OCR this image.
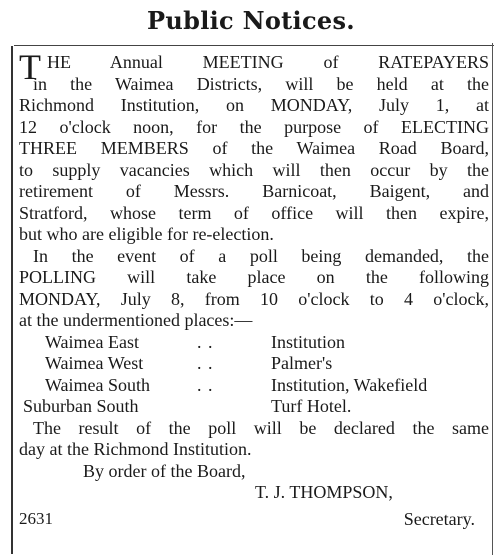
Public Notices.
T HE Annual MEETING of RATEPAYERS
in the Waimea Districts, will be held at the
Richmond Institution, on MONDAY, July 1, at
12 o'clock noon, for the purpose of ELECTING
THREE MEMBERS of the Waimea Road Board,
to supply vacancies which will then occur by the
retirement of Messrs. Barnicoat, Baigent, and
Stratford, whose term of office will then expire,
but who are eligible for re-election.
In the event of a poll being demanded, the
POLLING will take place on the following
MONDAY, July 8, from 10 o'clock to 4 o'clock,
at the undermentioned places:—
Waimea East	. .	Institution
Waimea West	. .	Palmer's
Waimea South	. .	Institution, Wakefield
Suburban South	Turf Hotel.
The result of the poll will be declared the same
day at the Richmond Institution.
By order of the Board,
T. J. THOMPSON,
2631	Secretary.
